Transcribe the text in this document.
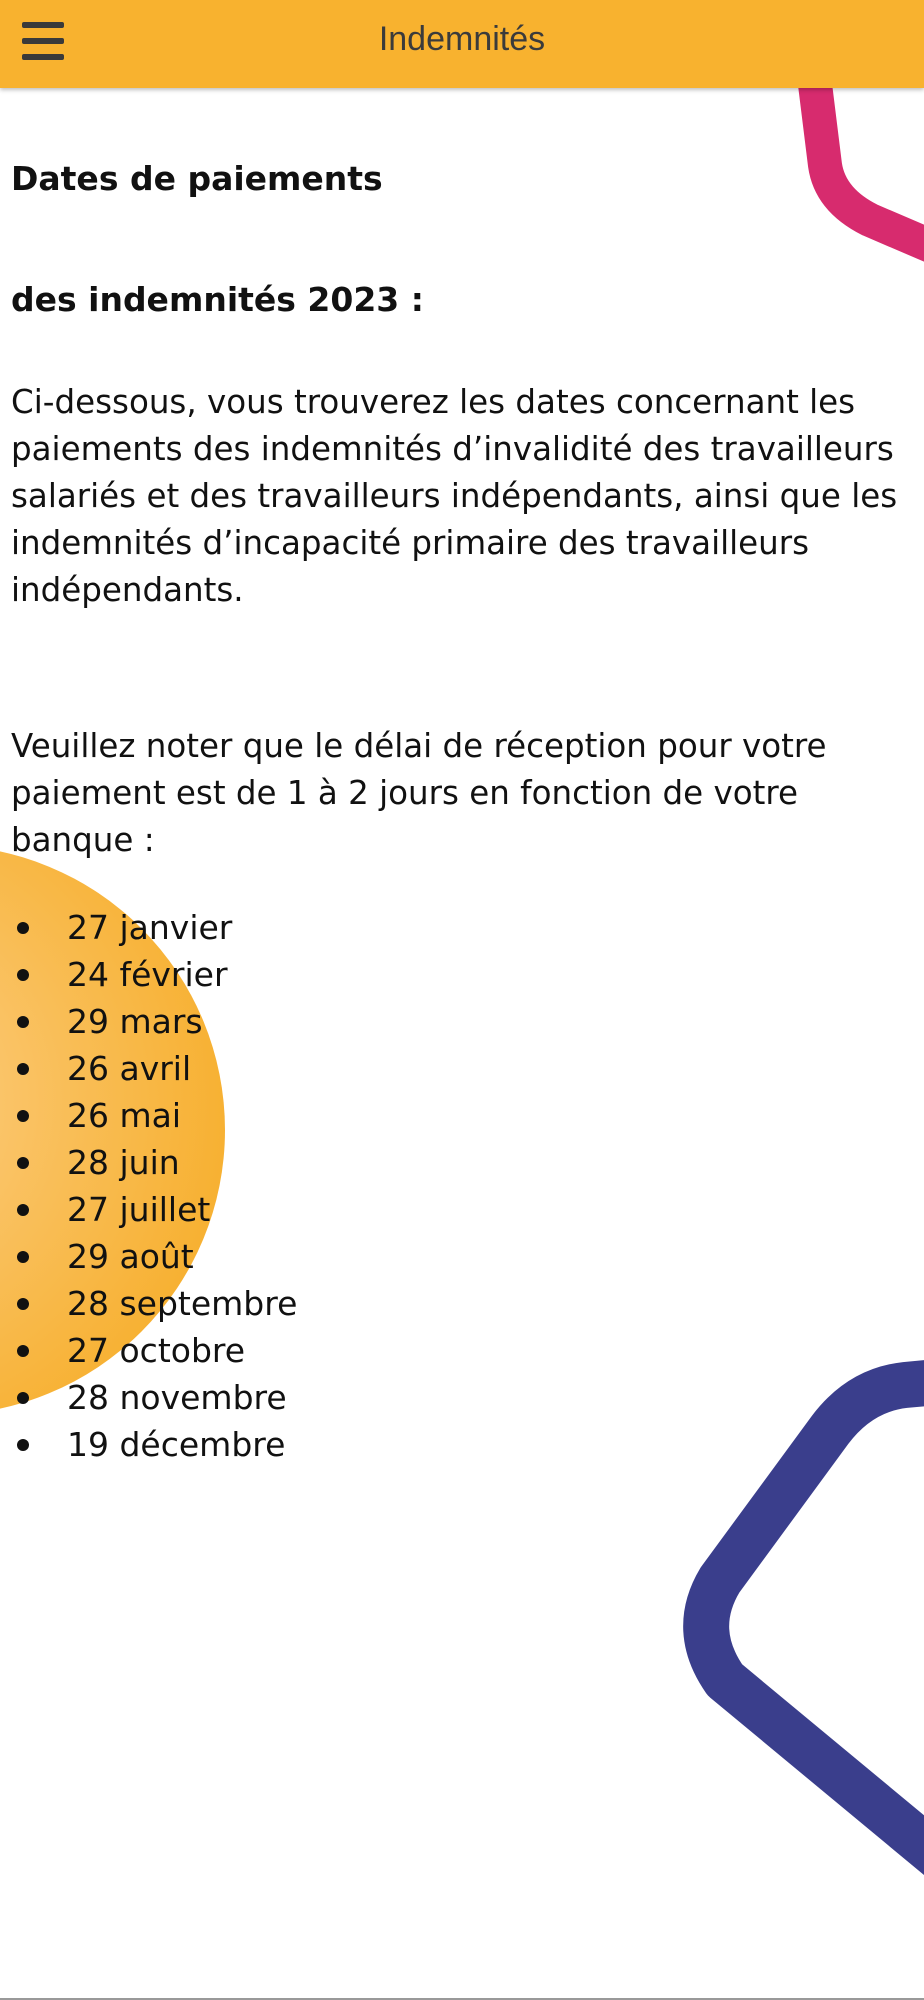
Indemnités

Dates de paiements

des indemnités 2023 :

Ci-dessous, vous trouverez les dates concernant les paiements des indemnités d’invalidité des travailleurs salariés et des travailleurs indépendants, ainsi que les indemnités d’incapacité primaire des travailleurs indépendants.

Veuillez noter que le délai de réception pour votre paiement est de 1 à 2 jours en fonction de votre banque :

27 janvier
24 février
29 mars
26 avril
26 mai
28 juin
27 juillet
29 août
28 septembre
27 octobre
28 novembre
19 décembre
